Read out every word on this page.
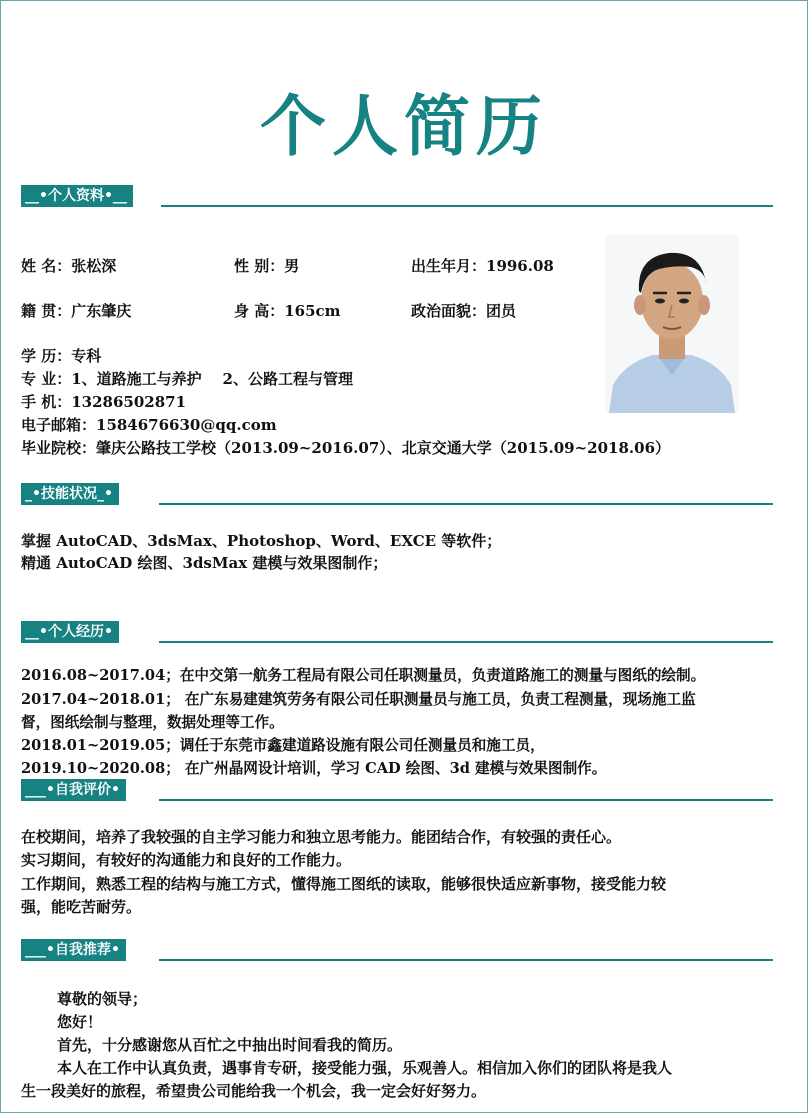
个人简历
__•个人资料•__
姓 名：张松深	性 别：男	出生年月：1996.08
籍 贯：广东肇庆	身 高：165cm	政治面貌：团员
学 历：专科
专 业：1、道路施工与养护    2、公路工程与管理
手 机：13286502871
电子邮箱：1584676630@qq.com
毕业院校：肇庆公路技工学校（2013.09~2016.07）、北京交通大学（2015.09~2018.06）
_•技能状况_•
掌握 AutoCAD、3dsMax、Photoshop、Word、EXCE 等软件；
精通 AutoCAD 绘图、3dsMax 建模与效果图制作；
__•个人经历•
2016.08~2017.04；在中交第一航务工程局有限公司任职测量员，负责道路施工的测量与图纸的绘制。
2017.04~2018.01； 在广东易建建筑劳务有限公司任职测量员与施工员，负责工程测量，现场施工监
督，图纸绘制与整理，数据处理等工作。
2018.01~2019.05；调任于东莞市鑫建道路设施有限公司任测量员和施工员，
2019.10~2020.08； 在广州晶网设计培训，学习 CAD 绘图、3d 建模与效果图制作。
___•自我评价•
在校期间，培养了我较强的自主学习能力和独立思考能力。能团结合作，有较强的责任心。
实习期间，有较好的沟通能力和良好的工作能力。
工作期间，熟悉工程的结构与施工方式，懂得施工图纸的读取，能够很快适应新事物，接受能力较
强，能吃苦耐劳。
___•自我推荐•
尊敬的领导；
您好！
首先，十分感谢您从百忙之中抽出时间看我的简历。
本人在工作中认真负责，遇事肯专研，接受能力强，乐观善人。相信加入你们的团队将是我人
生一段美好的旅程，希望贵公司能给我一个机会，我一定会好好努力。
